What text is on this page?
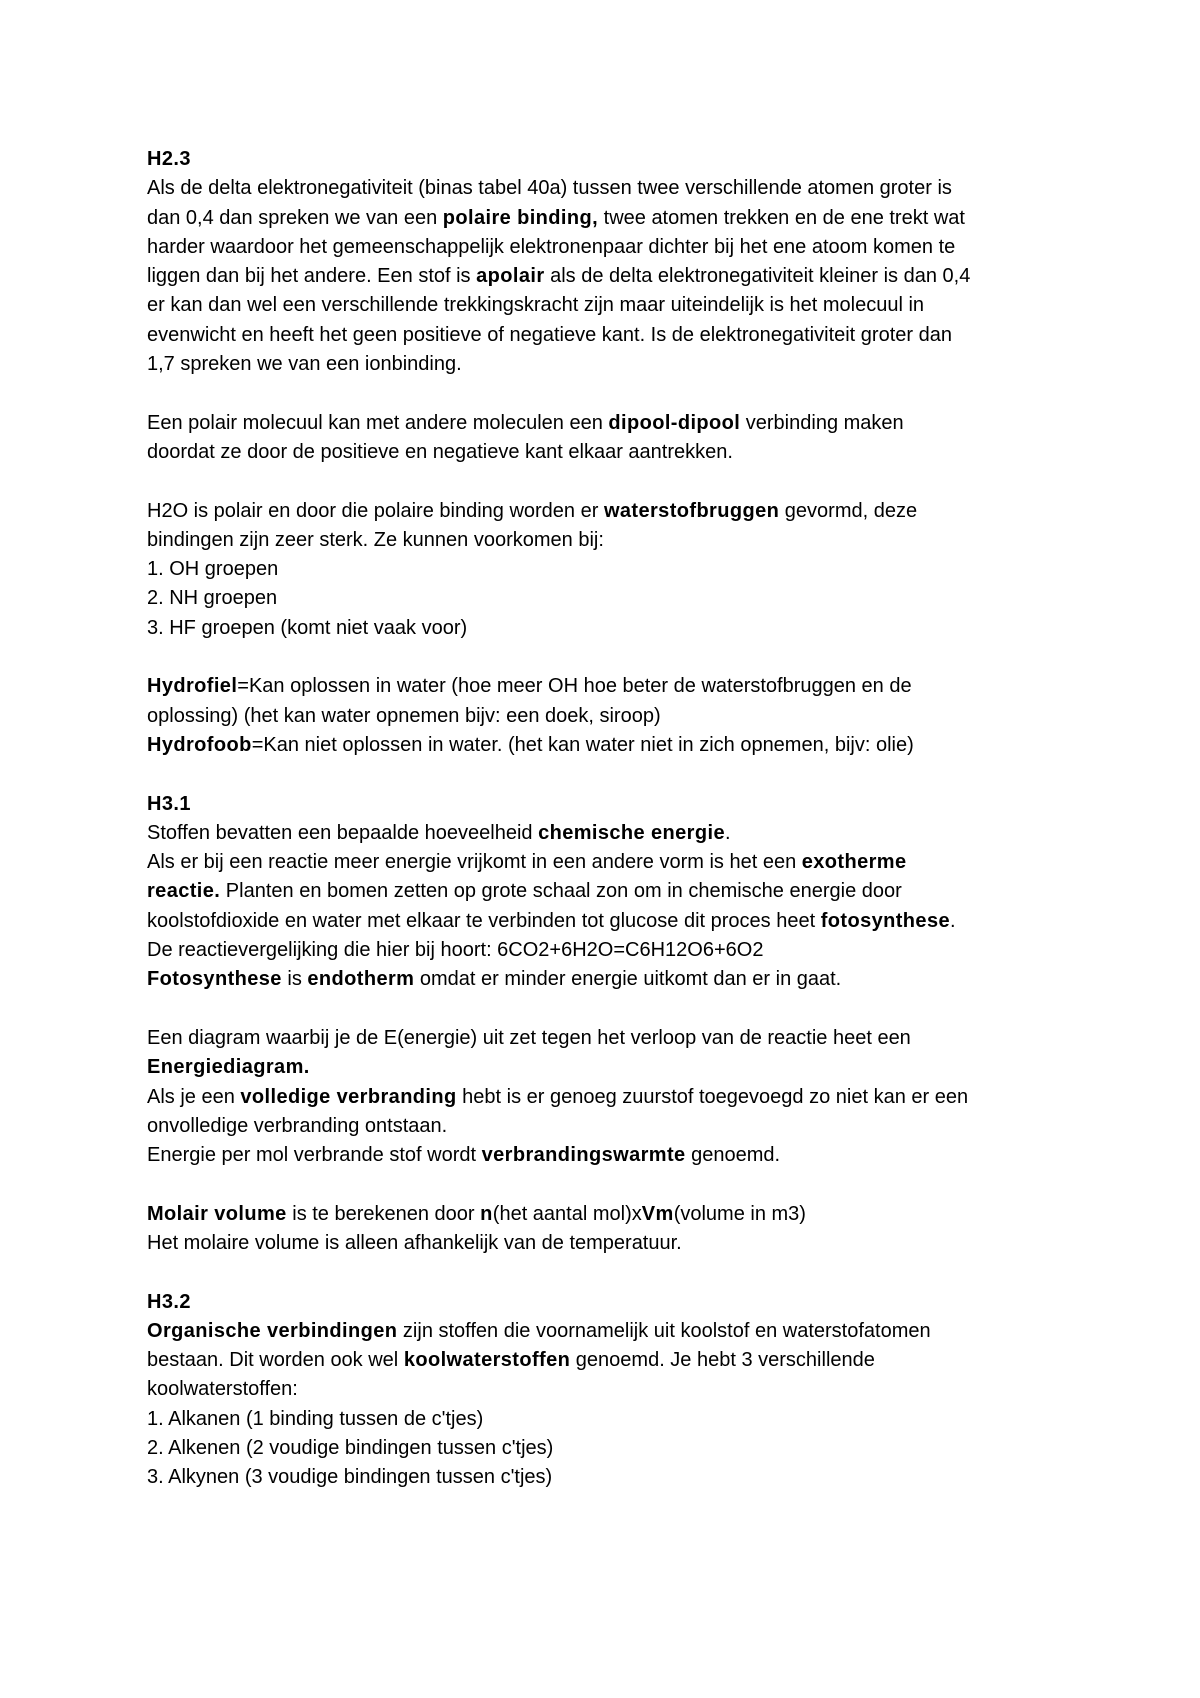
H2.3
Als de delta elektronegativiteit (binas tabel 40a) tussen twee verschillende atomen groter is
dan 0,4 dan spreken we van een polaire binding, twee atomen trekken en de ene trekt wat
harder waardoor het gemeenschappelijk elektronenpaar dichter bij het ene atoom komen te
liggen dan bij het andere. Een stof is apolair als de delta elektronegativiteit kleiner is dan 0,4
er kan dan wel een verschillende trekkingskracht zijn maar uiteindelijk is het molecuul in
evenwicht en heeft het geen positieve of negatieve kant. Is de elektronegativiteit groter dan
1,7 spreken we van een ionbinding.
Een polair molecuul kan met andere moleculen een dipool-dipool verbinding maken
doordat ze door de positieve en negatieve kant elkaar aantrekken.
H2O is polair en door die polaire binding worden er waterstofbruggen gevormd, deze
bindingen zijn zeer sterk. Ze kunnen voorkomen bij:
1. OH groepen
2. NH groepen
3. HF groepen (komt niet vaak voor)
Hydrofiel=Kan oplossen in water (hoe meer OH hoe beter de waterstofbruggen en de
oplossing) (het kan water opnemen bijv: een doek, siroop)
Hydrofoob=Kan niet oplossen in water. (het kan water niet in zich opnemen, bijv: olie)
H3.1
Stoffen bevatten een bepaalde hoeveelheid chemische energie.
Als er bij een reactie meer energie vrijkomt in een andere vorm is het een exotherme
reactie. Planten en bomen zetten op grote schaal zon om in chemische energie door
koolstofdioxide en water met elkaar te verbinden tot glucose dit proces heet fotosynthese.
De reactievergelijking die hier bij hoort: 6CO2+6H2O=C6H12O6+6O2
Fotosynthese is endotherm omdat er minder energie uitkomt dan er in gaat.
Een diagram waarbij je de E(energie) uit zet tegen het verloop van de reactie heet een
Energiediagram.
Als je een volledige verbranding hebt is er genoeg zuurstof toegevoegd zo niet kan er een
onvolledige verbranding ontstaan.
Energie per mol verbrande stof wordt verbrandingswarmte genoemd.
Molair volume is te berekenen door n(het aantal mol)xVm(volume in m3)
Het molaire volume is alleen afhankelijk van de temperatuur.
H3.2
Organische verbindingen zijn stoffen die voornamelijk uit koolstof en waterstofatomen
bestaan. Dit worden ook wel koolwaterstoffen genoemd. Je hebt 3 verschillende
koolwaterstoffen:
1. Alkanen (1 binding tussen de c'tjes)
2. Alkenen (2 voudige bindingen tussen c'tjes)
3. Alkynen (3 voudige bindingen tussen c'tjes)
